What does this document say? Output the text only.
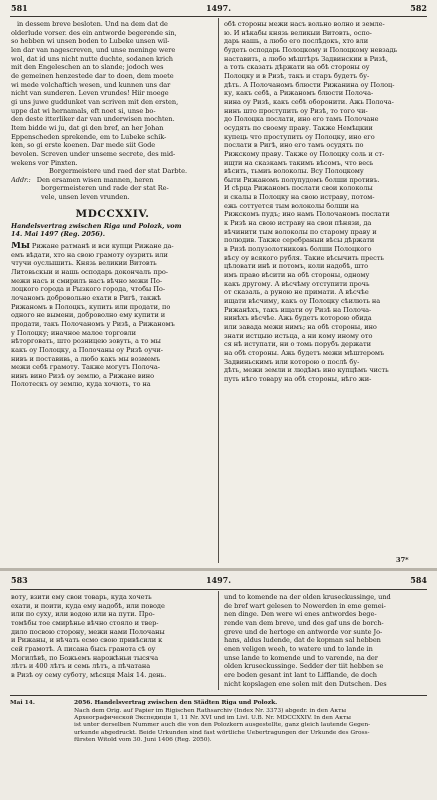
581	1497.	582
in dessem breve besloten. Und na dem dat de
olderlude vorser. des ein antworde begerende sin,
so hebben wi unsen boden to Lubeke unsen wil-
len dar van nagescreven, und unse meninge were
wol, dat id uns nicht nutte duchte, sodanen krich
mit den Engeleschen an to slande; jodoch wes
de gemeinen henzestede dar to doen, dem moete
wi mede volchaftich wesen, und kunnen uns dar
nicht van sunderen. Leven vrundes! Hiir moege
gi uns juwe guddunket van scriven mit den ersten,
uppe dat wi hernamals, eft noet si, unse bo-
den deste itterliker dar van underwisen mochten.
Item bidde wi ju, dat gi den bref, an her Johan
Eppenscheden sprekende, em to Lubeke schik-
ken, so gi erste koenen. Dar mede siit Gode
bevolen. Screven under unseme secrete, des mid-
wekens vor Pinxten.
Borgermeistere und raed der stat Darbte.
Addr.: Den ersamen wisen mannen, heren
borgermeisteren und rade der stat Re-
vele, unsen leven vrunden.
MDCCXXIV.
Handelsvertrag zwischen Riga und Polozk, vom
14. Mai 1497 (Reg. 2056).
Мы Рижане ратманѣ и вси купци Рижане да-
емъ вѣдати, хто на свою грамоту оузрить или
чтучи оуслышить. Князь великии Витовть
Литовьскыи и нашь осподарь докончалъ про-
межи насъ и смирилъ насъ вѣчно межи По-
лоцкого города и Рызкого города, чтобы По-
лочаномъ добровольно ехати в Ригѣ, такжѣ
Рижаномъ в Полоцкъ, купить или продати, по
одного не вымени, доброволно ему купити и
продати, такъ Полочаномъ у Ризѣ, а Рижаномъ
у Полоцку; иначное малое торговли
нѣторговать, што розницею зовуть, а то мы
какъ оу Полоцку, а Полочаны оу Ризѣ оучи-
нивъ и поставивь, а любо какъ мы возмемъ
межи себѣ грамоту. Также могутъ Полоча-
нинъ вино Ризѣ оу землю, а Рижане вино
Полотескъ оу землю, куда хочють, то на
обѣ стороны межи насъ вольно волно и земле-
ю. И нѣкабы князь великыи Витовть, оспо-
дарь нашь, а любо его послѣдокъ, хто вли
будеть осподарь Полоцкому и Полоцкому невзадь
наставить, а любо мѣштѣръ Задвинскии в Ризѣ,
а тоть сказать дѣржати на обѣ стороны оу
Полоцку и в Ризѣ, такъ и старъ будетъ бу-
дѣть. А Полочаномъ блюсти Рижанина оу Полоц-
ку, какъ себѣ, а Рижаномъ блюсти Полоча-
нина оу Ризѣ, какъ себѣ оборонити. Ажь Полоча-
нинъ што проступить оу Ризѣ, то того чи-
до Полоцка послати, ино его тамъ Полочане
осудять по своему праву. Также Немѣцкии
купець что проступить оу Полоцку, ино его
послати в Ригѣ, ино его тамъ осудять по
Рижскому праву. Также оу Полоцку соль и ст-
ищти на сказкамъ такимъ вѣсомъ, что весь
вѣсить, тьмиъ волоколы. Всу Полоцкому
быти Рижаномъ полупудомъ болши противъ.
И сѣрца Рижаномъ послати свои колоколы
и скалы в Полоцку на свою истраву, потом-
ежь соттуется тым волоколы болши на
Рижскомъ пудъ; ино намъ Полочаномъ послати
к Ризѣ на свою истраву на свои пѣнязи, да
вѣчинити тым волоколы по старому праву и
полюдив. Также серебраныи вѣсы дѣржати
в Ризѣ полузолотниковъ болши Полоцкого
вѣсу оу всякого рубля. Такие вѣсычить престь
цѣловати инѣ и потомъ, коли надобѣ, што
имъ право вѣсити на обѣ стороны, одному
какъ другому. А вѣсчѣму отступити прочь
от сказаль, а руною не примати. А вѣсчѣе
ищати вѣсчиму, какъ оу Полоцку сѣилють на
Рижанѣхъ, такъ ищати оу Ризѣ на Полоча-
нинѣхъ вѣсчѣе. Ажь будетъ которою обида
или завада межи нимъ; на обѣ стороны, ино
знати истцыю истьца, а ни кому иному ото
ся нѣ иступати, ни о томь порубъ держати
на обѣ стороны. Ажь будетъ межи мѣштеромъ
Задвиньскимъ или которою о послѣ бу-
дѣть, межи земли и людѣмъ ино купцѣмъ чисть
путь нѣго товару на обѣ стороны, нѣго жи-
37*
583	1497.	584
воту, взити ему свои товарь, куда хочеть
ехати, и поити, куда ему надобѣ, или поводе
или по суху, или водою или на пути. Про-
томѣбы тое смирѣнье вѣчно стояло и твер-
дило посвою сторону, межи нами Полочаны
и Рижаны, и нѣчать есмо свою привѣсили к
сей грамотѣ. А писана бысь гранота сѣ оу
Могилѣвѣ, по Божьемъ нарожѣньи тысяча
лѣтъ и 400 лѣтъ и семь лѣтъ, а пѣчатана
в Ризѣ оу сему суботу, мѣсяця Маiя 14. день.
und to komende na der olden kruseckussinge, und
de bref wart gelesen to Nowerden in eme gemei-
nen dinge. Den were wi enes antwordes bege-
rende van dem breve, und des gaf uns de borch-
greve und de hertoge en antworde vor sunte Jo-
hans, aldus ludende, dat de kopman sal hebben
enen veligen weeh, to watere und to lande in
unse lande to komende und to varende, na der
olden kruseckussinge. Sedder der tiit hebben se
ere boden gesant int lant to Lifflande, de doch
nicht kopslagen ene solen mit den Dutschen. Des
Mai 14.	2056. Handelsvertrag zwischen den Städten Riga und Polozk.
Nach dem Orig. auf Papier im Rigischen Rathsarchiv (Index Nr. 3373) abgedr. in den Акты
Археографической Экспедиціи 1, 11 Nr. XVI und im Livl. U.B. Nr. MDCCXXIV. In den Акты
ist unter derselben Nummer auch die von den Polozkern ausgestellte, ganz gleich lautende Gegen-
urkunde abgedruckt. Beide Urkunden sind fast wörtliche Uebertragungen der Urkunde des Gross-
fürsten Witold vom 30. Juni 1406 (Reg. 2050).
